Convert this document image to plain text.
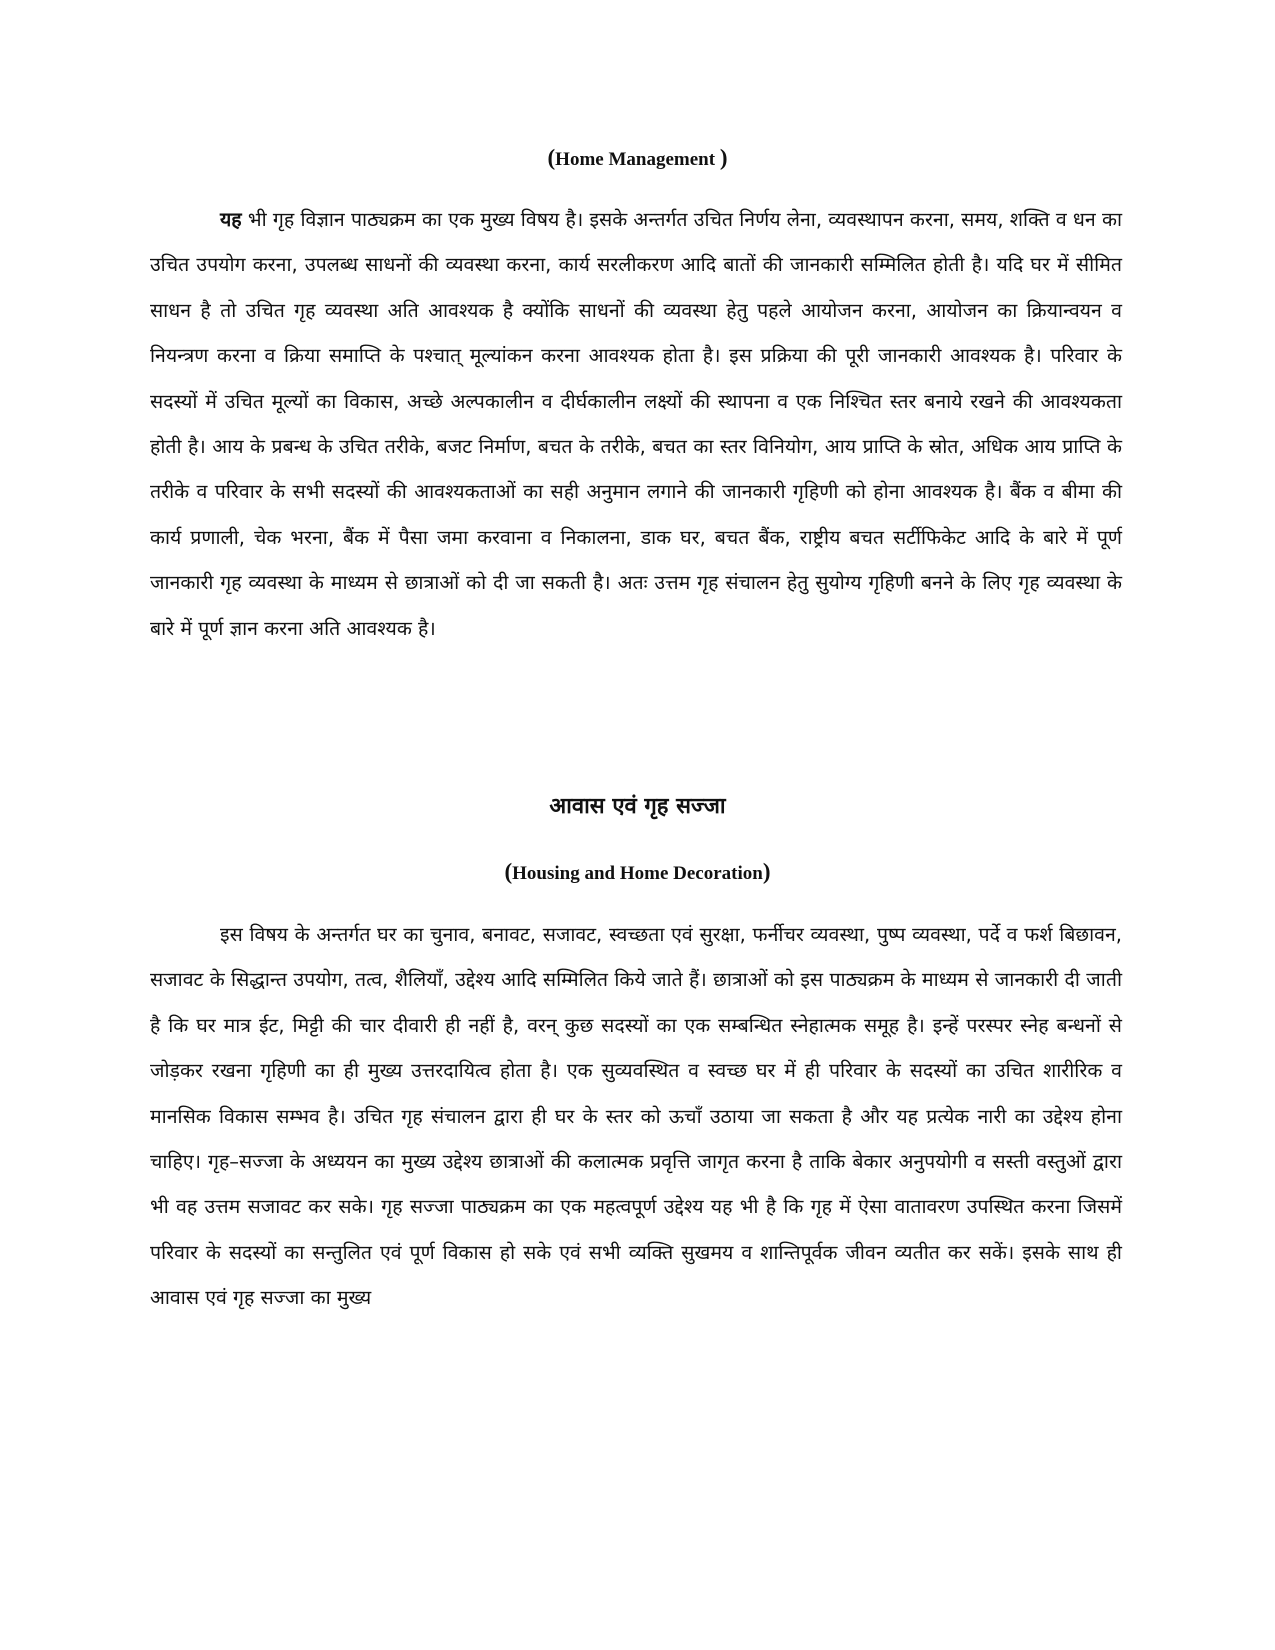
(Home Management )
यह भी गृह विज्ञान पाठ्यक्रम का एक मुख्य विषय है। इसके अन्तर्गत उचित निर्णय लेना, व्यवस्थापन करना, समय, शक्ति व धन का उचित उपयोग करना, उपलब्ध साधनों की व्यवस्था करना, कार्य सरलीकरण आदि बातों की जानकारी सम्मिलित होती है। यदि घर में सीमित साधन है तो उचित गृह व्यवस्था अति आवश्यक है क्योंकि साधनों की व्यवस्था हेतु पहले आयोजन करना, आयोजन का क्रियान्वयन व नियन्त्रण करना व क्रिया समाप्ति के पश्चात् मूल्यांकन करना आवश्यक होता है। इस प्रक्रिया की पूरी जानकारी आवश्यक है। परिवार के सदस्यों में उचित मूल्यों का विकास, अच्छे अल्पकालीन व दीर्घकालीन लक्ष्यों की स्थापना व एक निश्चित स्तर बनाये रखने की आवश्यकता होती है। आय के प्रबन्ध के उचित तरीके, बजट निर्माण, बचत के तरीके, बचत का स्तर विनियोग, आय प्राप्ति के स्रोत, अधिक आय प्राप्ति के तरीके व परिवार के सभी सदस्यों की आवश्यकताओं का सही अनुमान लगाने की जानकारी गृहिणी को होना आवश्यक है। बैंक व बीमा की कार्य प्रणाली, चेक भरना, बैंक में पैसा जमा करवाना व निकालना, डाक घर, बचत बैंक, राष्ट्रीय बचत सर्टीफिकेट आदि के बारे में पूर्ण जानकारी गृह व्यवस्था के माध्यम से छात्राओं को दी जा सकती है। अतः उत्तम गृह संचालन हेतु सुयोग्य गृहिणी बनने के लिए गृह व्यवस्था के बारे में पूर्ण ज्ञान करना अति आवश्यक है।
आवास एवं गृह सज्जा
(Housing and Home Decoration)
इस विषय के अन्तर्गत घर का चुनाव, बनावट, सजावट, स्वच्छता एवं सुरक्षा, फर्नीचर व्यवस्था, पुष्प व्यवस्था, पर्दे व फर्श बिछावन, सजावट के सिद्धान्त उपयोग, तत्व, शैलियाँ, उद्देश्य आदि सम्मिलित किये जाते हैं। छात्राओं को इस पाठ्यक्रम के माध्यम से जानकारी दी जाती है कि घर मात्र ईट, मिट्टी की चार दीवारी ही नहीं है, वरन् कुछ सदस्यों का एक सम्बन्धित स्नेहात्मक समूह है। इन्हें परस्पर स्नेह बन्धनों से जोड़कर रखना गृहिणी का ही मुख्य उत्तरदायित्व होता है। एक सुव्यवस्थित व स्वच्छ घर में ही परिवार के सदस्यों का उचित शारीरिक व मानसिक विकास सम्भव है। उचित गृह संचालन द्वारा ही घर के स्तर को ऊचाँ उठाया जा सकता है और यह प्रत्येक नारी का उद्देश्य होना चाहिए। गृह–सज्जा के अध्ययन का मुख्य उद्देश्य छात्राओं की कलात्मक प्रवृत्ति जागृत करना है ताकि बेकार अनुपयोगी व सस्ती वस्तुओं द्वारा भी वह उत्तम सजावट कर सके। गृह सज्जा पाठ्यक्रम का एक महत्वपूर्ण उद्देश्य यह भी है कि गृह में ऐसा वातावरण उपस्थित करना जिसमें परिवार के सदस्यों का सन्तुलित एवं पूर्ण विकास हो सके एवं सभी व्यक्ति सुखमय व शान्तिपूर्वक जीवन व्यतीत कर सकें। इसके साथ ही आवास एवं गृह सज्जा का मुख्य
